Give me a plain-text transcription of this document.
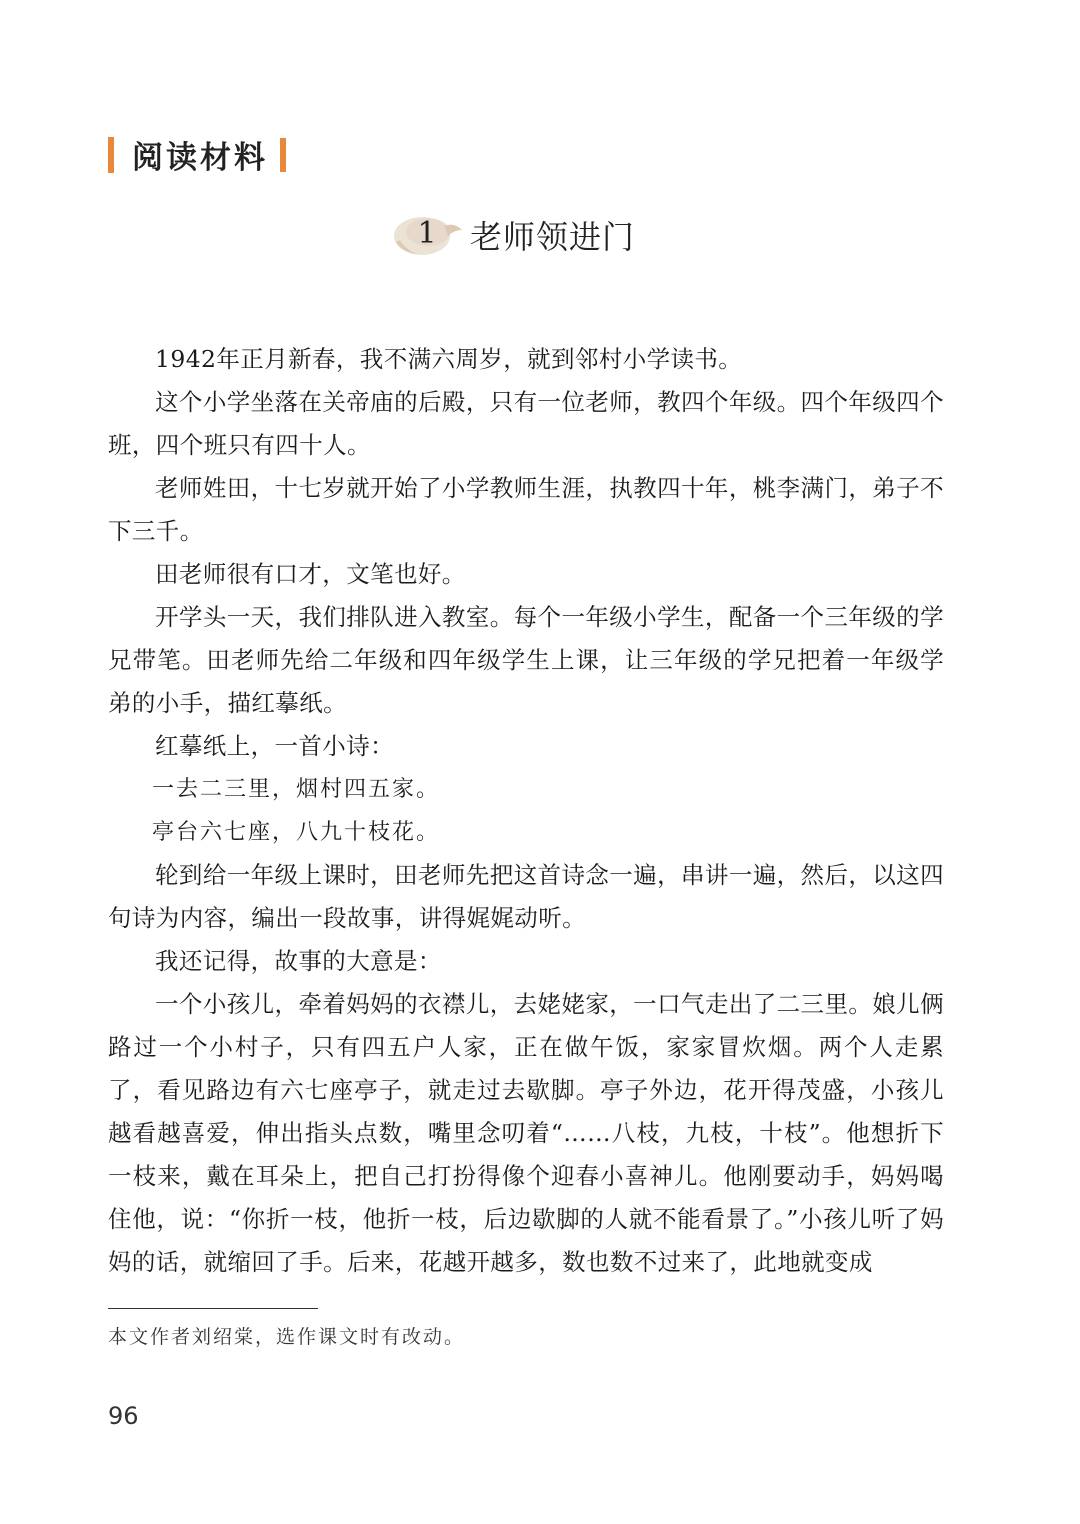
阅读材料
1 老师领进门

1942年正月新春，我不满六周岁，就到邻村小学读书。

这个小学坐落在关帝庙的后殿，只有一位老师，教四个年级。四个年级四个班，四个班只有四十人。

老师姓田，十七岁就开始了小学教师生涯，执教四十年，桃李满门，弟子不下三千。

田老师很有口才，文笔也好。

开学头一天，我们排队进入教室。每个一年级小学生，配备一个三年级的学兄带笔。田老师先给二年级和四年级学生上课，让三年级的学兄把着一年级学弟的小手，描红摹纸。

红摹纸上，一首小诗：

一去二三里，烟村四五家。

亭台六七座，八九十枝花。

轮到给一年级上课时，田老师先把这首诗念一遍，串讲一遍，然后，以这四句诗为内容，编出一段故事，讲得娓娓动听。

我还记得，故事的大意是：

一个小孩儿，牵着妈妈的衣襟儿，去姥姥家，一口气走出了二三里。娘儿俩路过一个小村子，只有四五户人家，正在做午饭，家家冒炊烟。两个人走累了，看见路边有六七座亭子，就走过去歇脚。亭子外边，花开得茂盛，小孩儿越看越喜爱，伸出指头点数，嘴里念叨着“……八枝，九枝，十枝”。他想折下一枝来，戴在耳朵上，把自己打扮得像个迎春小喜神儿。他刚要动手，妈妈喝住他，说：“你折一枝，他折一枝，后边歇脚的人就不能看景了。”小孩儿听了妈妈的话，就缩回了手。后来，花越开越多，数也数不过来了，此地就变成

本文作者刘绍棠，选作课文时有改动。
96
